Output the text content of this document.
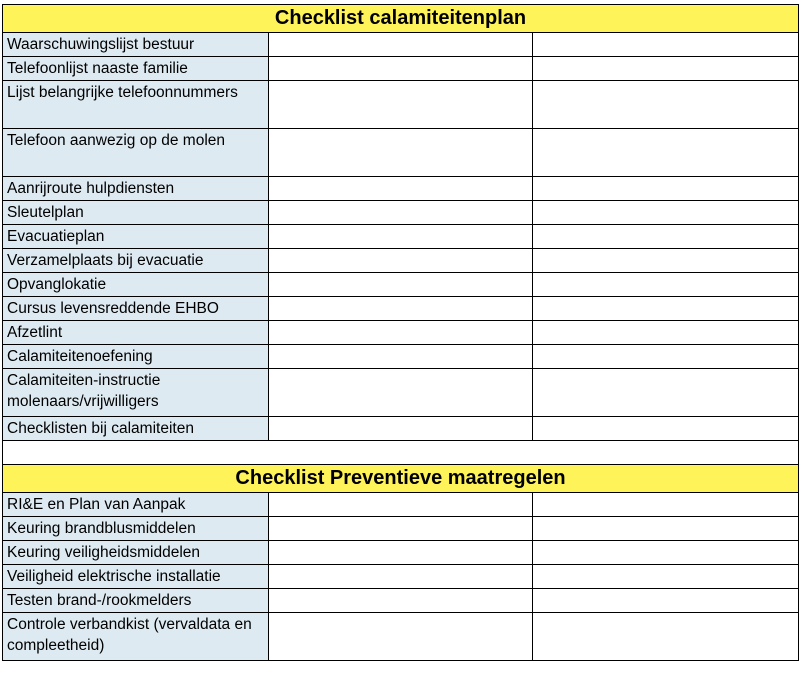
Checklist calamiteitenplan		
Waarschuwingslijst bestuur		
Telefoonlijst naaste familie		
Lijst belangrijke telefoonnummers		
Telefoon aanwezig op de molen		
Aanrijroute hulpdiensten		
Sleutelplan		
Evacuatieplan		
Verzamelplaats bij evacuatie		
Opvanglokatie		
Cursus levensreddende EHBO		
Afzetlint		
Calamiteitenoefening		
Calamiteiten-instructie molenaars/vrijwilligers		
Checklisten bij calamiteiten		

Checklist Preventieve maatregelen		
RI&E en Plan van Aanpak		
Keuring brandblusmiddelen		
Keuring veiligheidsmiddelen		
Veiligheid elektrische installatie		
Testen brand-/rookmelders		
Controle verbandkist (vervaldata en compleetheid)		
